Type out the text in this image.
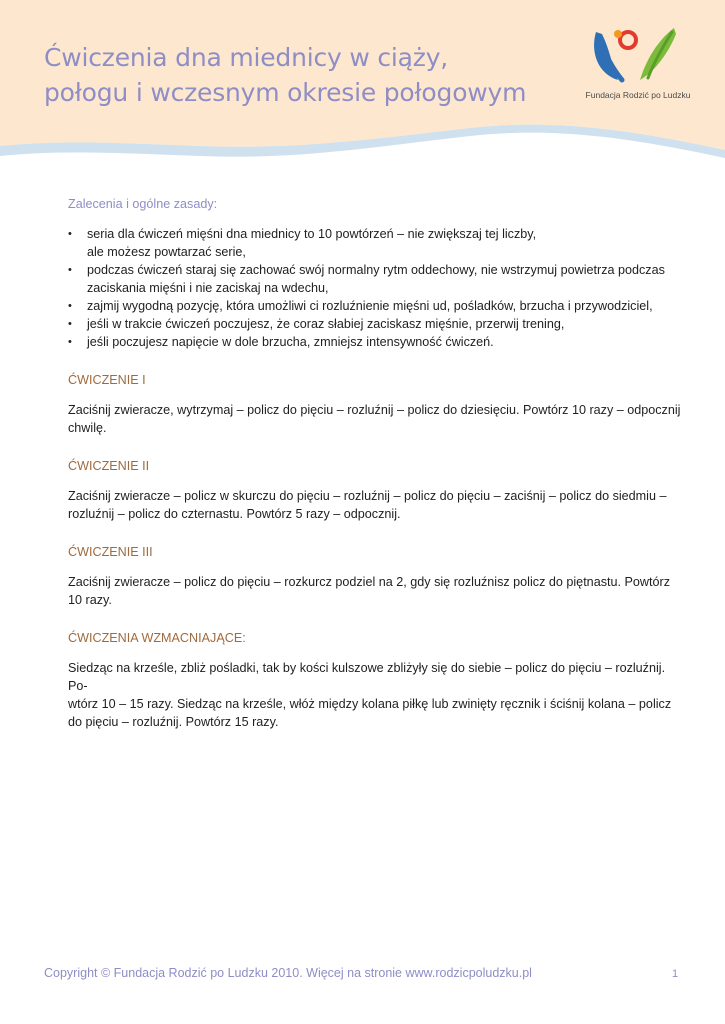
Ćwiczenia dna miednicy w ciąży,
połogu i wczesnym okresie połogowym	Fundacja Rodzić po Ludzku
Zalecenia i ogólne zasady:
• seria dla ćwiczeń mięśni dna miednicy to 10 powtórzeń – nie zwiększaj tej liczby,
ale możesz powtarzać serie,
• podczas ćwiczeń staraj się zachować swój normalny rytm oddechowy, nie wstrzymuj powietrza podczas
zaciskania mięśni i nie zaciskaj na wdechu,
• zajmij wygodną pozycję, która umożliwi ci rozluźnienie mięśni ud, pośladków, brzucha i przywodziciel,
• jeśli w trakcie ćwiczeń poczujesz, że coraz słabiej zaciskasz mięśnie, przerwij trening,
• jeśli poczujesz napięcie w dole brzucha, zmniejsz intensywność ćwiczeń.
ĆWICZENIE I

Zaciśnij zwieracze, wytrzymaj – policz do pięciu – rozluźnij – policz do dziesięciu. Powtórz 10 razy – odpocznij
chwilę.

ĆWICZENIE II

Zaciśnij zwieracze – policz w skurczu do pięciu – rozluźnij – policz do pięciu – zaciśnij – policz do siedmiu –
rozluźnij – policz do czternastu. Powtórz 5 razy – odpocznij.

ĆWICZENIE III

Zaciśnij zwieracze – policz do pięciu – rozkurcz podziel na 2, gdy się rozluźnisz policz do piętnastu. Powtórz
10 razy.

ĆWICZENIA WZMACNIAJĄCE:

Siedząc na krześle, zbliż pośladki, tak by kości kulszowe zbliżyły się do siebie – policz do pięciu – rozluźnij. Po-
wtórz 10 – 15 razy. Siedząc na krześle, włóż między kolana piłkę lub zwinięty ręcznik i ściśnij kolana – policz
do pięciu – rozluźnij. Powtórz 15 razy.

Copyright © Fundacja Rodzić po Ludzku 2010. Więcej na stronie www.rodzicpoludzku.pl	1
